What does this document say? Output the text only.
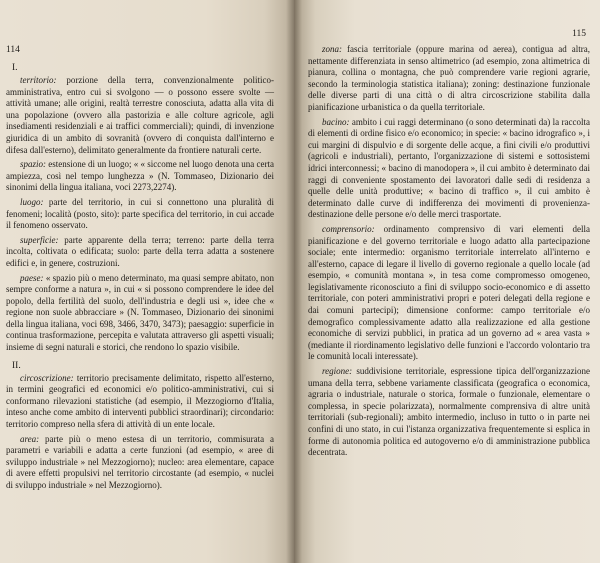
114
I.

territorio: porzione della terra, convenzionalmente politico-amministrativa, entro cui si svolgono — o possono essere svolte — attività umane; alle origini, realtà terrestre conosciuta, adatta alla vita di una popolazione (ovvero alla pastorizia e alle colture agricole, agli insediamenti residenziali e ai traffici commerciali); quindi, di invenzione giuridica di un ambito di sovranità (ovvero di conquista dall'interno e difesa dall'esterno), delimitato generalmente da frontiere naturali certe.

spazio: estensione di un luogo; « « siccome nel luogo denota una certa ampiezza, così nel tempo lunghezza » (N. Tommaseo, Dizionario dei sinonimi della lingua italiana, voci 2273,2274).

luogo: parte del territorio, in cui si connettono una pluralità di fenomeni; località (posto, sito): parte specifica del territorio, in cui accade il fenomeno osservato.

superficie: parte apparente della terra; terreno: parte della terra incolta, coltivata o edificata; suolo: parte della terra adatta a sostenere edifici e, in genere, costruzioni.

paese: « spazio più o meno determinato, ma quasi sempre abitato, non sempre conforme a natura », in cui « si possono comprendere le idee del popolo, della fertilità del suolo, dell'industria e degli usi », idee che « regione non suole abbracciare » (N. Tommaseo, Dizionario dei sinonimi della lingua italiana, voci 698, 3466, 3470, 3473); paesaggio: superficie in continua trasformazione, percepita e valutata attraverso gli aspetti visuali; insieme di segni naturali e storici, che rendono lo spazio visibile.

II.

circoscrizione: territorio precisamente delimitato, rispetto all'esterno, in termini geografici ed economici e/o politico-amministrativi, cui si conformano rilevazioni statistiche (ad esempio, il Mezzogiorno d'Italia, inteso anche come ambito di interventi pubblici straordinari); circondario: territorio compreso nella sfera di attività di un ente locale.

area: parte più o meno estesa di un territorio, commisurata a parametri e variabili e adatta a certe funzioni (ad esempio, « aree di sviluppo industriale » nel Mezzogiorno); nucleo: area elementare, capace di avere effetti propulsivi nel territorio circostante (ad esempio, « nuclei di sviluppo industriale » nel Mezzogiorno).

115

zona: fascia territoriale (oppure marina od aerea), contigua ad altra, nettamente differenziata in senso altimetrico (ad esempio, zona altimetrica di pianura, collina o montagna, che può comprendere varie regioni agrarie, secondo la terminologia statistica italiana); zoning: destinazione funzionale delle diverse parti di una città o di altra circoscrizione stabilita dalla pianificazione urbanistica o da quella territoriale.

bacino: ambito i cui raggi determinano (o sono determinati da) la raccolta di elementi di ordine fisico e/o economico; in specie: « bacino idrografico », i cui margini di dispulvio e di sorgente delle acque, a fini civili e/o produttivi (agricoli e industriali), pertanto, l'organizzazione di sistemi e sottosistemi idrici interconnessi; « bacino di manodopera », il cui ambito è determinato dai raggi di conveniente spostamento dei lavoratori dalle sedi di residenza a quelle delle unità produttive; « bacino di traffico », il cui ambito è determinato dalle curve di indifferenza dei movimenti di provenienza-destinazione delle persone e/o delle merci trasportate.

comprensorio: ordinamento comprensivo di vari elementi della pianificazione e del governo territoriale e luogo adatto alla partecipazione sociale; ente intermedio: organismo territoriale interrelato all'interno e all'esterno, capace di legare il livello di governo regionale a quello locale (ad esempio, « comunità montana », in tesa come compromesso omogeneo, legislativamente riconosciuto a fini di sviluppo socio-economico e di assetto territoriale, con poteri amministrativi propri e poteri delegati della regione e dai comuni partecipi); dimensione conforme: campo territoriale e/o demografico complessivamente adatto alla realizzazione ed alla gestione economiche di servizi pubblici, in pratica ad un governo ad « area vasta » (mediante il riordinamento legislativo delle funzioni e l'accordo volontario tra le comunità locali interessate).

regione: suddivisione territoriale, espressione tipica dell'organizzazione umana della terra, sebbene variamente classificata (geografica o economica, agraria o industriale, naturale o storica, formale o funzionale, elementare o complessa, in specie polarizzata), normalmente comprensiva di altre unità territoriali (sub-regionali); ambito intermedio, incluso in tutto o in parte nei confini di uno stato, in cui l'istanza organizzativa frequentemente si esplica in forme di autonomia politica ed autogoverno e/o di amministrazione pubblica decentrata.
